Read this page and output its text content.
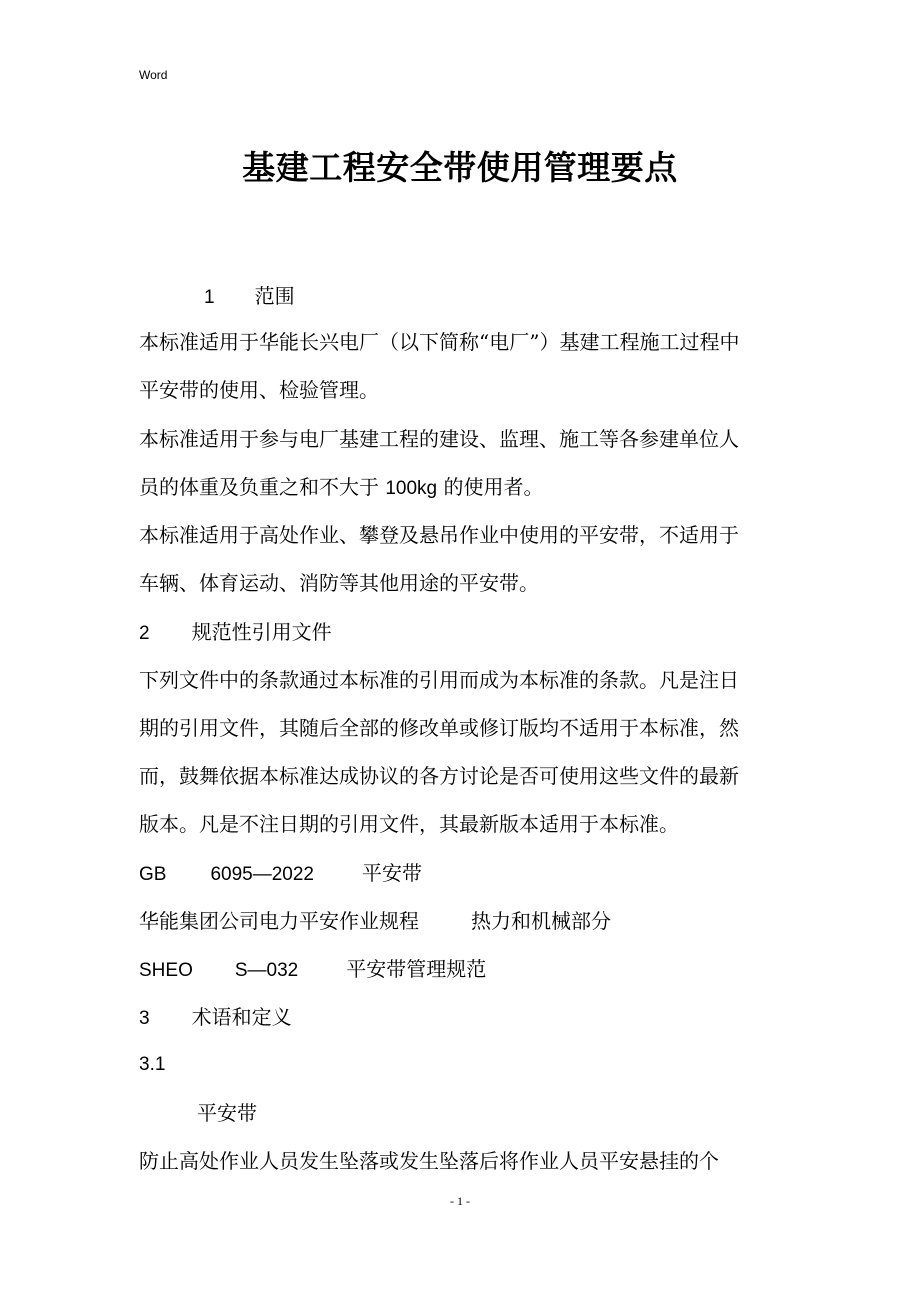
Word
基建工程安全带使用管理要点
1 范围
本标准适用于华能长兴电厂（以下简称“电厂”）基建工程施工过程中
平安带的使用、检验管理。
本标准适用于参与电厂基建工程的建设、监理、施工等各参建单位人
员的体重及负重之和不大于 100kg 的使用者。
本标准适用于高处作业、攀登及悬吊作业中使用的平安带，不适用于
车辆、体育运动、消防等其他用途的平安带。
2 规范性引用文件
下列文件中的条款通过本标准的引用而成为本标准的条款。凡是注日
期的引用文件，其随后全部的修改单或修订版均不适用于本标准，然
而，鼓舞依据本标准达成协议的各方讨论是否可使用这些文件的最新
版本。凡是不注日期的引用文件，其最新版本适用于本标准。
GB 6095—2022 平安带
华能集团公司电力平安作业规程	热力和机械部分
SHEO S—032 平安带管理规范
3 术语和定义
3.1
平安带
防止高处作业人员发生坠落或发生坠落后将作业人员平安悬挂的个
- 1 -
